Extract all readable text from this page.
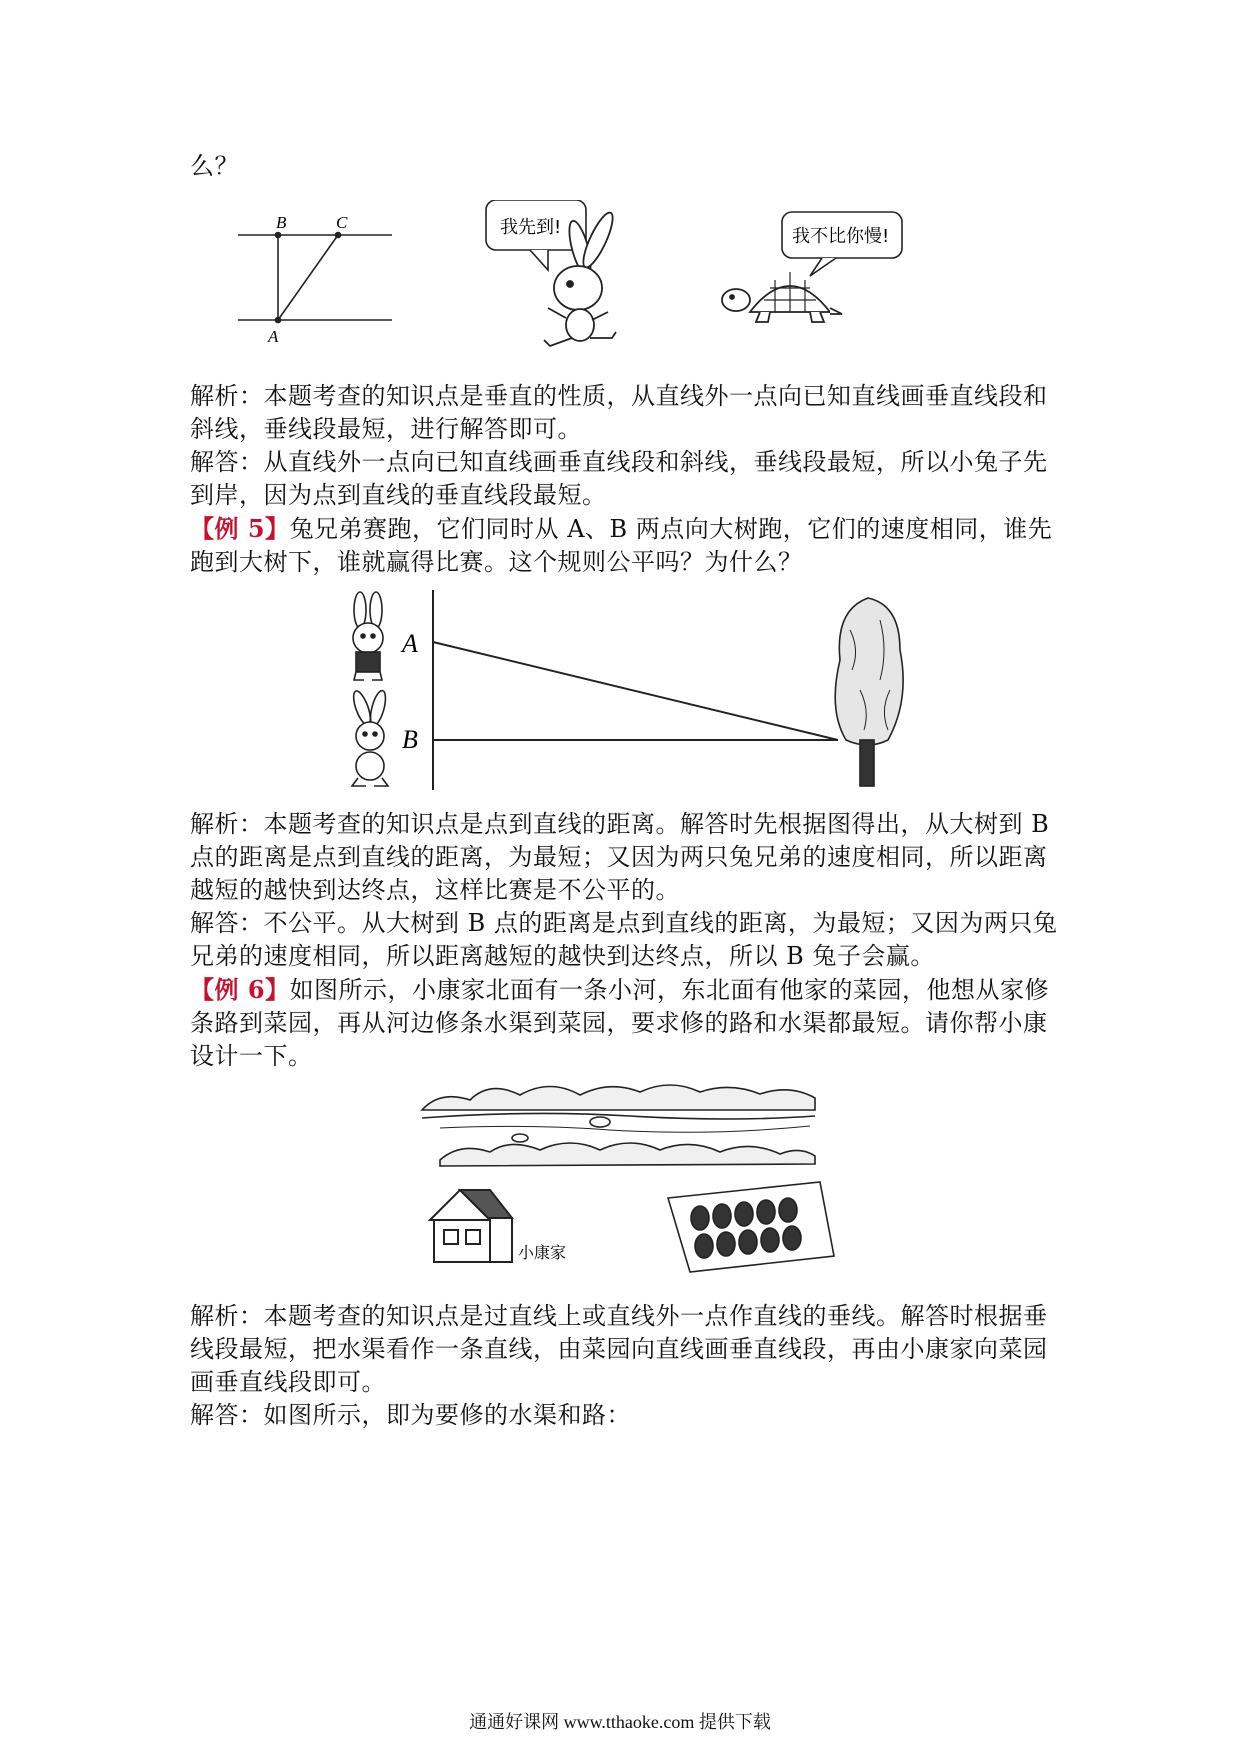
么？

B	C
A
我先到!	我不比你慢!

解析：本题考查的知识点是垂直的性质，从直线外一点向已知直线画垂直线段和
斜线，垂线段最短，进行解答即可。

解答：从直线外一点向已知直线画垂直线段和斜线，垂线段最短，所以小兔子先
到岸，因为点到直线的垂直线段最短。

【例 5】兔兄弟赛跑，它们同时从 A、B 两点向大树跑，它们的速度相同，谁先
跑到大树下，谁就赢得比赛。这个规则公平吗？为什么？

A
B

解析：本题考查的知识点是点到直线的距离。解答时先根据图得出，从大树到 B
点的距离是点到直线的距离，为最短；又因为两只兔兄弟的速度相同，所以距离
越短的越快到达终点，这样比赛是不公平的。

解答：不公平。从大树到 B 点的距离是点到直线的距离，为最短；又因为两只兔
兄弟的速度相同，所以距离越短的越快到达终点，所以 B 兔子会赢。

【例 6】如图所示，小康家北面有一条小河，东北面有他家的菜园，他想从家修
条路到菜园，再从河边修条水渠到菜园，要求修的路和水渠都最短。请你帮小康
设计一下。

小康家

解析：本题考查的知识点是过直线上或直线外一点作直线的垂线。解答时根据垂
线段最短，把水渠看作一条直线，由菜园向直线画垂直线段，再由小康家向菜园
画垂直线段即可。

解答：如图所示，即为要修的水渠和路：

通通好课网 www.tthaoke.com 提供下载
